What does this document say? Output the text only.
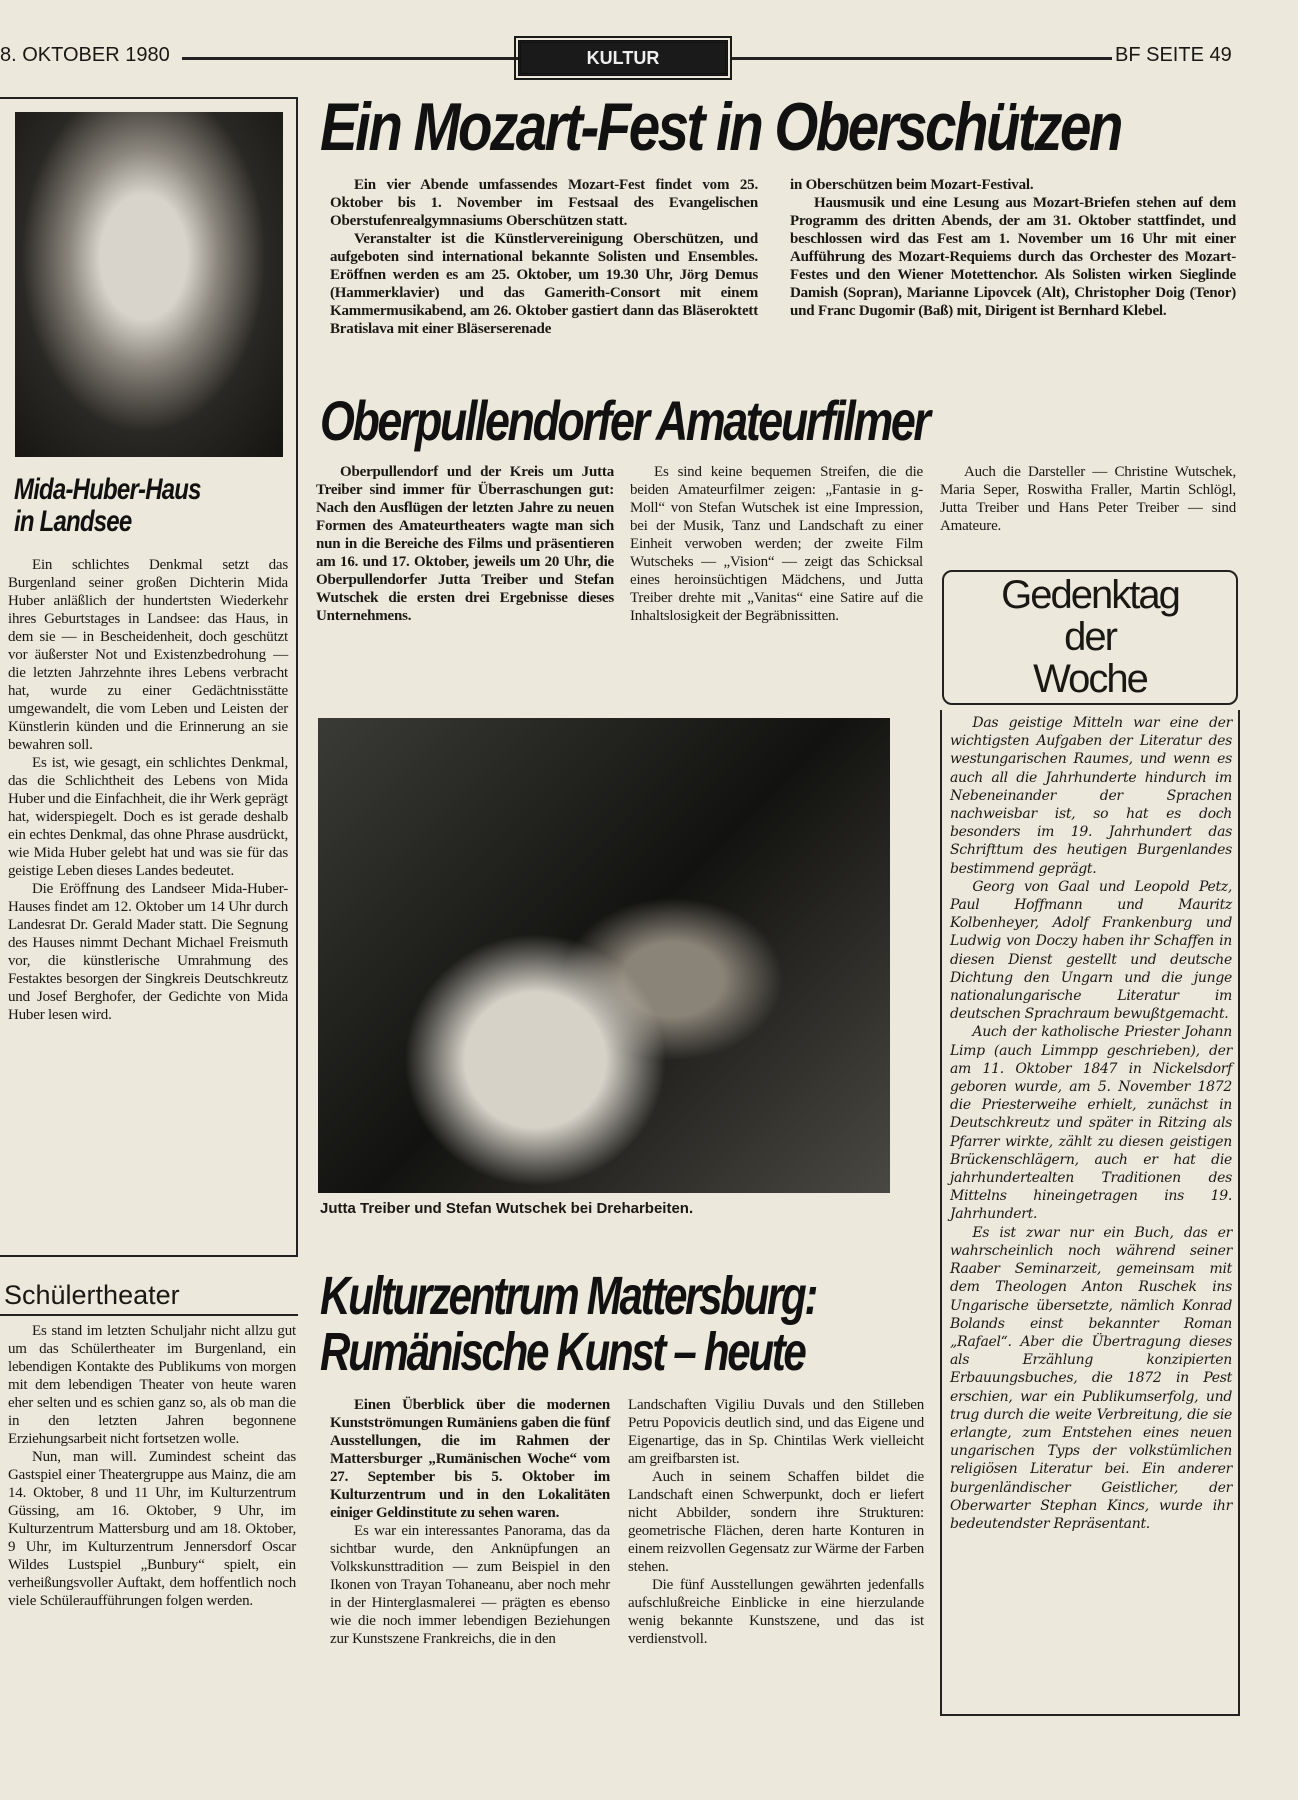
8. OKTOBER 1980	KULTUR	BF SEITE 49
Mida-Huber-Haus
in Landsee

Ein schlichtes Denkmal setzt das Burgenland seiner großen Dichterin Mida Huber anläßlich der hundertsten Wiederkehr ihres Geburtstages in Landsee: das Haus, in dem sie — in Bescheidenheit, doch geschützt vor äußerster Not und Existenzbedrohung — die letzten Jahrzehnte ihres Lebens verbracht hat, wurde zu einer Gedächtnisstätte umgewandelt, die vom Leben und Leisten der Künstlerin künden und die Erinnerung an sie bewahren soll.

Es ist, wie gesagt, ein schlichtes Denkmal, das die Schlichtheit des Lebens von Mida Huber und die Einfachheit, die ihr Werk geprägt hat, widerspiegelt. Doch es ist gerade deshalb ein echtes Denkmal, das ohne Phrase ausdrückt, wie Mida Huber gelebt hat und was sie für das geistige Leben dieses Landes bedeutet.

Die Eröffnung des Landseer Mida-Huber-Hauses findet am 12. Oktober um 14 Uhr durch Landesrat Dr. Gerald Mader statt. Die Segnung des Hauses nimmt Dechant Michael Freismuth vor, die künstlerische Umrahmung des Festaktes besorgen der Singkreis Deutschkreutz und Josef Berghofer, der Gedichte von Mida Huber lesen wird.

Schülertheater

Es stand im letzten Schuljahr nicht allzu gut um das Schülertheater im Burgenland, ein lebendigen Kontakte des Publikums von morgen mit dem lebendigen Theater von heute waren eher selten und es schien ganz so, als ob man die in den letzten Jahren begonnene Erziehungsarbeit nicht fortsetzen wolle.

Nun, man will. Zumindest scheint das Gastspiel einer Theatergruppe aus Mainz, die am 14. Oktober, 8 und 11 Uhr, im Kulturzentrum Güssing, am 16. Oktober, 9 Uhr, im Kulturzentrum Mattersburg und am 18. Oktober, 9 Uhr, im Kulturzentrum Jennersdorf Oscar Wildes Lustspiel „Bunbury“ spielt, ein verheißungsvoller Auftakt, dem hoffentlich noch viele Schüleraufführungen folgen werden.

Ein Mozart-Fest in Oberschützen

Ein vier Abende umfassendes Mozart-Fest findet vom 25. Oktober bis 1. November im Festsaal des Evangelischen Oberstufenrealgymnasiums Oberschützen statt.

Veranstalter ist die Künstlervereinigung Oberschützen, und aufgeboten sind international bekannte Solisten und Ensembles. Eröffnen werden es am 25. Oktober, um 19.30 Uhr, Jörg Demus (Hammerklavier) und das Gamerith-Consort mit einem Kammermusikabend, am 26. Oktober gastiert dann das Bläseroktett Bratislava mit einer Bläserserenade

in Oberschützen beim Mozart-Festival.

Hausmusik und eine Lesung aus Mozart-Briefen stehen auf dem Programm des dritten Abends, der am 31. Oktober stattfindet, und beschlossen wird das Fest am 1. November um 16 Uhr mit einer Aufführung des Mozart-Requiems durch das Orchester des Mozart-Festes und den Wiener Motettenchor. Als Solisten wirken Sieglinde Damish (Sopran), Marianne Lipovcek (Alt), Christopher Doig (Tenor) und Franc Dugomir (Baß) mit, Dirigent ist Bernhard Klebel.

Oberpullendorfer Amateurfilmer

Oberpullendorf und der Kreis um Jutta Treiber sind immer für Überraschungen gut: Nach den Ausflügen der letzten Jahre zu neuen Formen des Amateurtheaters wagte man sich nun in die Bereiche des Films und präsentieren am 16. und 17. Oktober, jeweils um 20 Uhr, die Oberpullendorfer Jutta Treiber und Stefan Wutschek die ersten drei Ergebnisse dieses Unternehmens.

Es sind keine bequemen Streifen, die die beiden Amateurfilmer zeigen: „Fantasie in g-Moll“ von Stefan Wutschek ist eine Impression, bei der Musik, Tanz und Landschaft zu einer Einheit verwoben werden; der zweite Film Wutscheks — „Vision“ — zeigt das Schicksal eines heroinsüchtigen Mädchens, und Jutta Treiber drehte mit „Vanitas“ eine Satire auf die Inhaltslosigkeit der Begräbnissitten.

Auch die Darsteller — Christine Wutschek, Maria Seper, Roswitha Fraller, Martin Schlögl, Jutta Treiber und Hans Peter Treiber — sind Amateure.

Jutta Treiber und Stefan Wutschek bei Dreharbeiten.
Gedenktag
der
Woche

Das geistige Mitteln war eine der wichtigsten Aufgaben der Literatur des westungarischen Raumes, und wenn es auch all die Jahrhunderte hindurch im Nebeneinander der Sprachen nachweisbar ist, so hat es doch besonders im 19. Jahrhundert das Schrifttum des heutigen Burgenlandes bestimmend geprägt.

Georg von Gaal und Leopold Petz, Paul Hoffmann und Mauritz Kolbenheyer, Adolf Frankenburg und Ludwig von Doczy haben ihr Schaffen in diesen Dienst gestellt und deutsche Dichtung den Ungarn und die junge nationalungarische Literatur im deutschen Sprachraum bewußtgemacht.

Auch der katholische Priester Johann Limp (auch Limmpp geschrieben), der am 11. Oktober 1847 in Nickelsdorf geboren wurde, am 5. November 1872 die Priesterweihe erhielt, zunächst in Deutschkreutz und später in Ritzing als Pfarrer wirkte, zählt zu diesen geistigen Brückenschlägern, auch er hat die jahrhundertealten Traditionen des Mittelns hineingetragen ins 19. Jahrhundert.

Es ist zwar nur ein Buch, das er wahrscheinlich noch während seiner Raaber Seminarzeit, gemeinsam mit dem Theologen Anton Ruschek ins Ungarische übersetzte, nämlich Konrad Bolands einst bekannter Roman „Rafael“. Aber die Übertragung dieses als Erzählung konzipierten Erbauungsbuches, die 1872 in Pest erschien, war ein Publikumserfolg, und trug durch die weite Verbreitung, die sie erlangte, zum Entstehen eines neuen ungarischen Typs der volkstümlichen religiösen Literatur bei. Ein anderer burgenländischer Geistlicher, der Oberwarter Stephan Kincs, wurde ihr bedeutendster Repräsentant.

Kulturzentrum Mattersburg:
Rumänische Kunst – heute

Einen Überblick über die modernen Kunstströmungen Rumäniens gaben die fünf Ausstellungen, die im Rahmen der Mattersburger „Rumänischen Woche“ vom 27. September bis 5. Oktober im Kulturzentrum und in den Lokalitäten einiger Geldinstitute zu sehen waren.

Es war ein interessantes Panorama, das da sichtbar wurde, den Anknüpfungen an Volkskunsttradition — zum Beispiel in den Ikonen von Trayan Tohaneanu, aber noch mehr in der Hinterglasmalerei — prägten es ebenso wie die noch immer lebendigen Beziehungen zur Kunstszene Frankreichs, die in den

Landschaften Vigiliu Duvals und den Stilleben Petru Popovicis deutlich sind, und das Eigene und Eigenartige, das in Sp. Chintilas Werk vielleicht am greifbarsten ist.

Auch in seinem Schaffen bildet die Landschaft einen Schwerpunkt, doch er liefert nicht Abbilder, sondern ihre Strukturen: geometrische Flächen, deren harte Konturen in einem reizvollen Gegensatz zur Wärme der Farben stehen.

Die fünf Ausstellungen gewährten jedenfalls aufschlußreiche Einblicke in eine hierzulande wenig bekannte Kunstszene, und das ist verdienstvoll.
